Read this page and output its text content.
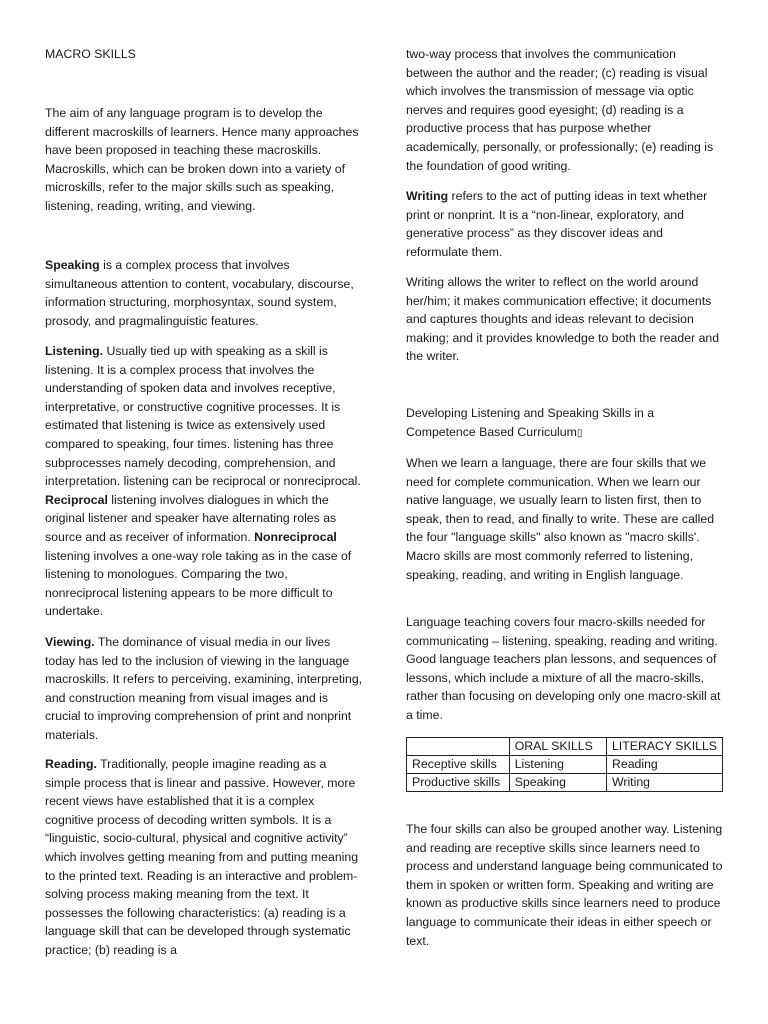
MACRO SKILLS

The aim of any language program is to develop the different macroskills of learners. Hence many approaches have been proposed in teaching these macroskills. Macroskills, which can be broken down into a variety of microskills, refer to the major skills such as speaking, listening, reading, writing, and viewing.

Speaking is a complex process that involves simultaneous attention to content, vocabulary, discourse, information structuring, morphosyntax, sound system, prosody, and pragmalinguistic features.

Listening. Usually tied up with speaking as a skill is listening. It is a complex process that involves the understanding of spoken data and involves receptive, interpretative, or constructive cognitive processes. It is estimated that listening is twice as extensively used compared to speaking, four times. listening has three subprocesses namely decoding, comprehension, and interpretation. listening can be reciprocal or nonreciprocal. Reciprocal listening involves dialogues in which the original listener and speaker have alternating roles as source and as receiver of information. Nonreciprocal listening involves a one-way role taking as in the case of listening to monologues. Comparing the two, nonreciprocal listening appears to be more difficult to undertake.

Viewing. The dominance of visual media in our lives today has led to the inclusion of viewing in the language macroskills. It refers to perceiving, examining, interpreting, and construction meaning from visual images and is crucial to improving comprehension of print and nonprint materials.

Reading. Traditionally, people imagine reading as a simple process that is linear and passive. However, more recent views have established that it is a complex cognitive process of decoding written symbols. It is a “linguistic, socio-cultural, physical and cognitive activity” which involves getting meaning from and putting meaning to the printed text. Reading is an interactive and problem-solving process making meaning from the text. It possesses the following characteristics: (a) reading is a language skill that can be developed through systematic practice; (b) reading is a

two-way process that involves the communication between the author and the reader; (c) reading is visual which involves the transmission of message via optic nerves and requires good eyesight; (d) reading is a productive process that has purpose whether academically, personally, or professionally; (e) reading is the foundation of good writing.

Writing refers to the act of putting ideas in text whether print or nonprint. It is a “non-linear, exploratory, and generative process” as they discover ideas and reformulate them.

Writing allows the writer to reflect on the world around her/him; it makes communication effective; it documents and captures thoughts and ideas relevant to decision making; and it provides knowledge to both the reader and the writer.

Developing Listening and Speaking Skills in a Competence Based Curriculum▯

When we learn a language, there are four skills that we need for complete communication. When we learn our native language, we usually learn to listen first, then to speak, then to read, and finally to write. These are called the four "language skills" also known as "macro skills'. Macro skills are most commonly referred to listening, speaking, reading, and writing in English language.

Language teaching covers four macro-skills needed for communicating – listening, speaking, reading and writing. Good language teachers plan lessons, and sequences of lessons, which include a mixture of all the macro-skills, rather than focusing on developing only one macro-skill at a time.

	ORAL SKILLS	LITERACY SKILLS
Receptive skills	Listening	Reading
Productive skills	Speaking	Writing

The four skills can also be grouped another way. Listening and reading are receptive skills since learners need to process and understand language being communicated to them in spoken or written form. Speaking and writing are known as productive skills since learners need to produce language to communicate their ideas in either speech or text.
